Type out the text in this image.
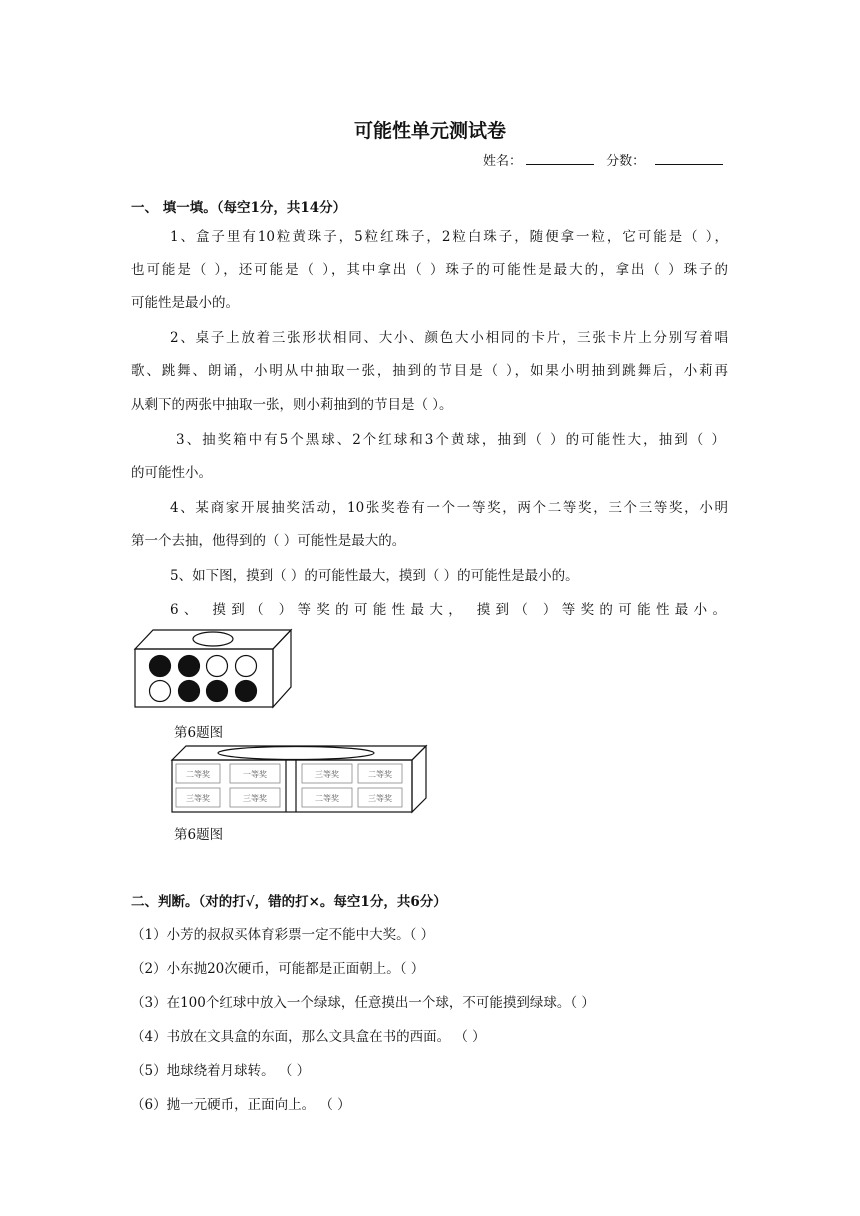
可能性单元测试卷
姓名：	分数：
一、 填一填。（每空1分，共14分）
1、盒子里有10粒黄珠子，5粒红珠子，2粒白珠子，随便拿一粒，它可能是（ ），
也可能是（ ），还可能是（ ），其中拿出（ ）珠子的可能性是最大的，拿出（ ）珠子的
可能性是最小的。
2、桌子上放着三张形状相同、大小、颜色大小相同的卡片，三张卡片上分别写着唱
歌、跳舞、朗诵，小明从中抽取一张，抽到的节目是（ ），如果小明抽到跳舞后，小莉再
从剩下的两张中抽取一张，则小莉抽到的节目是（ ）。
3、抽奖箱中有5个黑球、2个红球和3个黄球，抽到（ ）的可能性大，抽到（ ）
的可能性小。
4、某商家开展抽奖活动，10张奖卷有一个一等奖，两个二等奖，三个三等奖，小明
第一个去抽，他得到的（ ）可能性是最大的。
5、如下图，摸到（ ）的可能性最大，摸到（ ）的可能性是最小的。
6、 摸到（ ）等奖的可能性最大， 摸到（ ）等奖的可能性最小。
第6题图
二等奖	一等奖	三等奖	二等奖
三等奖	三等奖	二等奖	三等奖
第6题图
二、判断。（对的打√，错的打×。每空1分，共6分）
（1）小芳的叔叔买体育彩票一定不能中大奖。（ ）
（2）小东抛20次硬币，可能都是正面朝上。（ ）
（3）在100个红球中放入一个绿球，任意摸出一个球，不可能摸到绿球。（ ）
（4）书放在文具盒的东面，那么文具盒在书的西面。 （ ）
（5）地球绕着月球转。 （ ）
（6）抛一元硬币，正面向上。 （ ）
